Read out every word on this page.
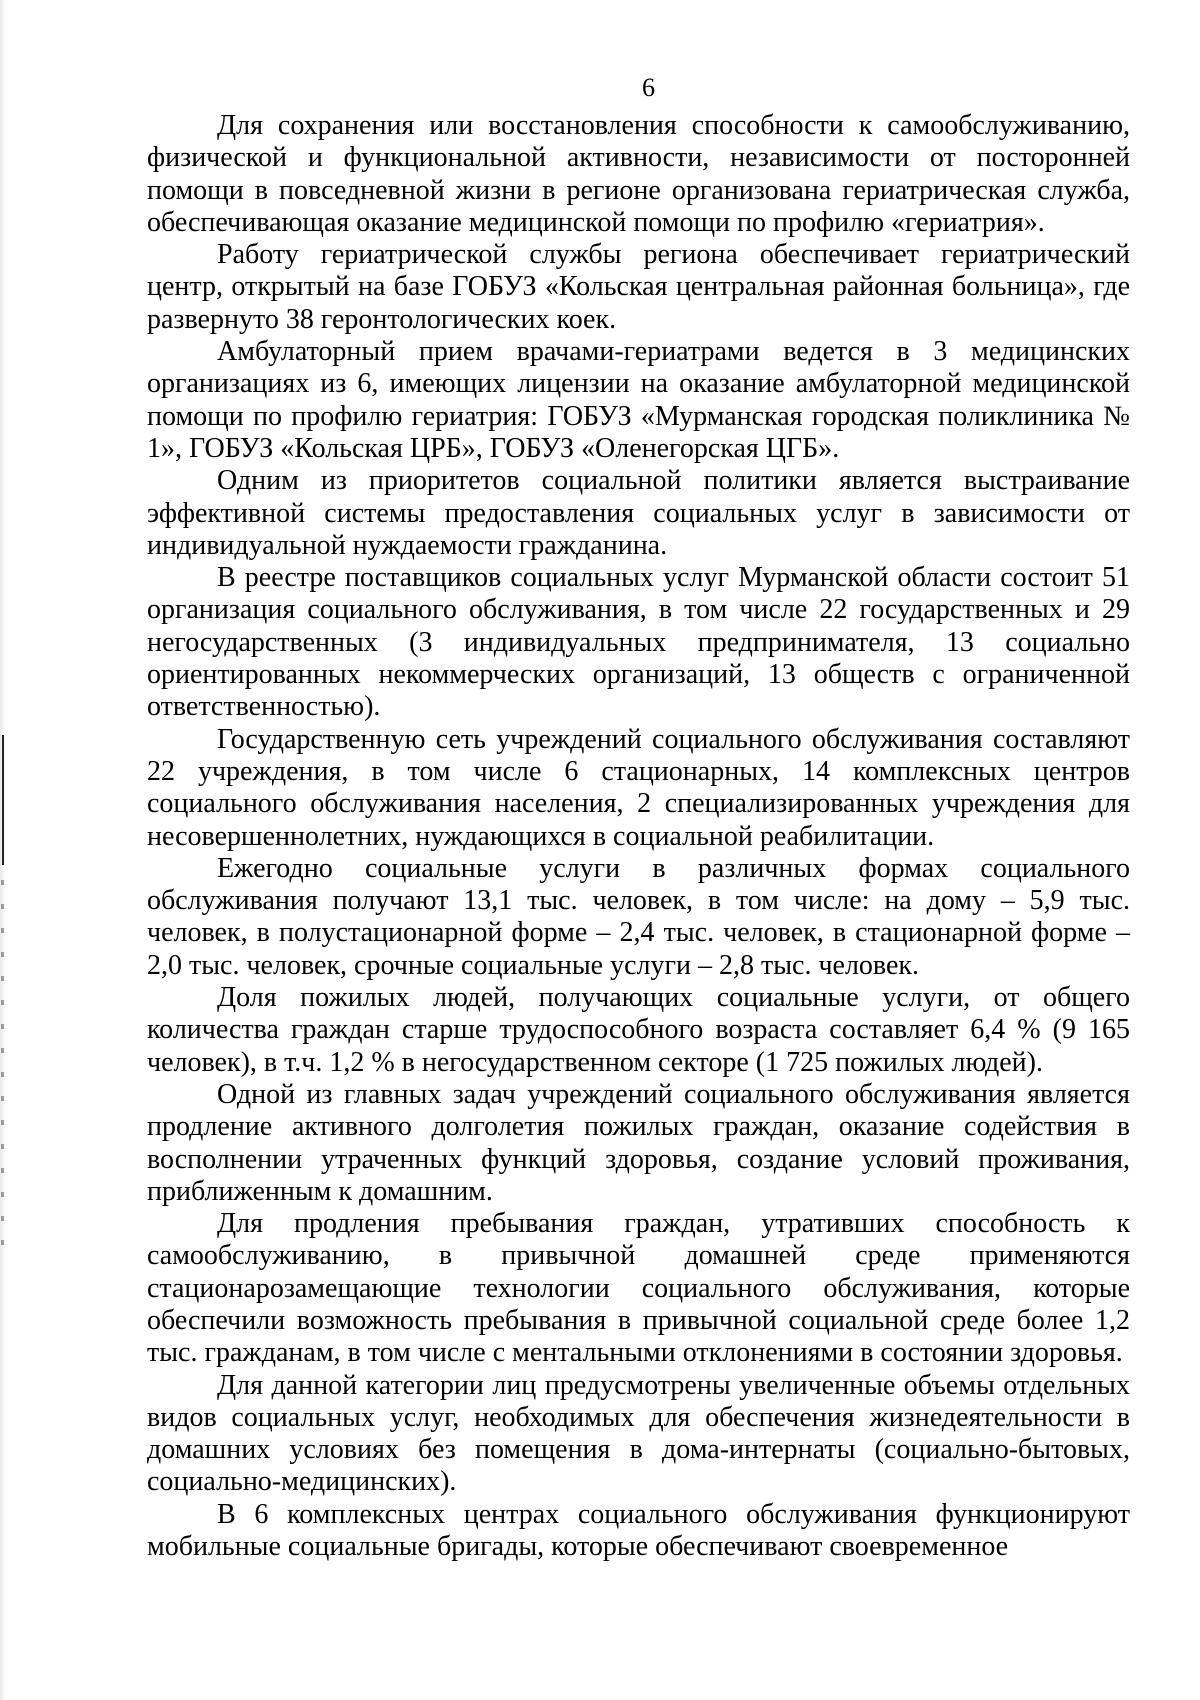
6

Для сохранения или восстановления способности к самообслуживанию, физической и функциональной активности, независимости от посторонней помощи в повседневной жизни в регионе организована гериатрическая служба, обеспечивающая оказание медицинской помощи по профилю «гериатрия».

Работу гериатрической службы региона обеспечивает гериатрический центр, открытый на базе ГОБУЗ «Кольская центральная районная больница», где развернуто 38 геронтологических коек.

Амбулаторный прием врачами-гериатрами ведется в 3 медицинских организациях из 6, имеющих лицензии на оказание амбулаторной медицинской помощи по профилю гериатрия: ГОБУЗ «Мурманская городская поликлиника № 1», ГОБУЗ «Кольская ЦРБ», ГОБУЗ «Оленегорская ЦГБ».

Одним из приоритетов социальной политики является выстраивание эффективной системы предоставления социальных услуг в зависимости от индивидуальной нуждаемости гражданина.

В реестре поставщиков социальных услуг Мурманской области состоит 51 организация социального обслуживания, в том числе 22 государственных и 29 негосударственных (3 индивидуальных предпринимателя, 13 социально ориентированных некоммерческих организаций, 13 обществ с ограниченной ответственностью).

Государственную сеть учреждений социального обслуживания составляют 22 учреждения, в том числе 6 стационарных, 14 комплексных центров социального обслуживания населения, 2 специализированных учреждения для несовершеннолетних, нуждающихся в социальной реабилитации.

Ежегодно социальные услуги в различных формах социального обслуживания получают 13,1 тыс. человек, в том числе: на дому – 5,9 тыс. человек, в полустационарной форме – 2,4 тыс. человек, в стационарной форме – 2,0 тыс. человек, срочные социальные услуги – 2,8 тыс. человек.

Доля пожилых людей, получающих социальные услуги, от общего количества граждан старше трудоспособного возраста составляет 6,4 % (9 165 человек), в т.ч. 1,2 % в негосударственном секторе (1 725 пожилых людей).

Одной из главных задач учреждений социального обслуживания является продление активного долголетия пожилых граждан, оказание содействия в восполнении утраченных функций здоровья, создание условий проживания, приближенным к домашним.

Для продления пребывания граждан, утративших способность к самообслуживанию, в привычной домашней среде применяются стационарозамещающие технологии социального обслуживания, которые обеспечили возможность пребывания в привычной социальной среде более 1,2 тыс. гражданам, в том числе с ментальными отклонениями в состоянии здоровья.

Для данной категории лиц предусмотрены увеличенные объемы отдельных видов социальных услуг, необходимых для обеспечения жизнедеятельности в домашних условиях без помещения в дома-интернаты (социально-бытовых, социально-медицинских).

В 6 комплексных центрах социального обслуживания функционируют мобильные социальные бригады, которые обеспечивают своевременное
